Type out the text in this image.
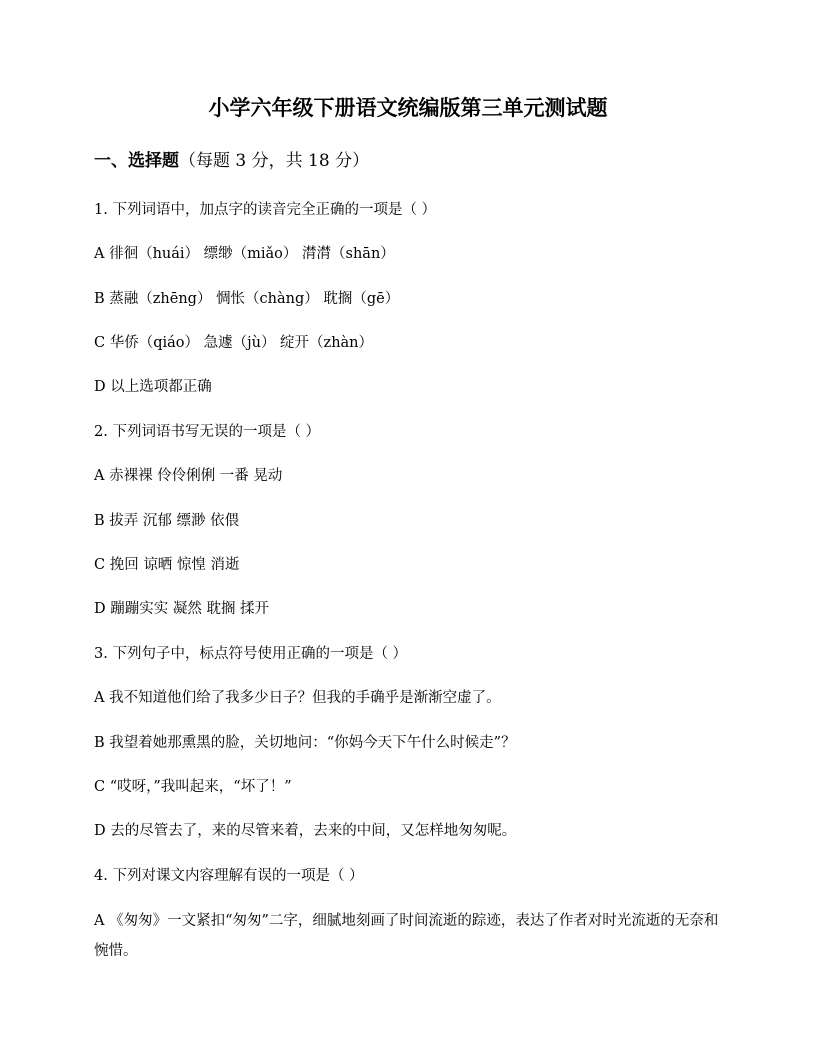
小学六年级下册语文统编版第三单元测试题
一、选择题（每题 3 分，共 18 分）
1. 下列词语中，加点字的读音完全正确的一项是（ ）
A 徘徊（huái） 缥缈（miǎo） 潸潸（shān）
B 蒸融（zhēng） 惆怅（chàng） 耽搁（gē）
C 华侨（qiáo） 急遽（jù） 绽开（zhàn）
D 以上选项都正确
2. 下列词语书写无误的一项是（ ）
A 赤裸裸 伶伶俐俐 一番 晃动
B 拔弄 沉郁 缥渺 依偎
C 挽回 谅晒 惊惶 消逝
D 蹦蹦实实 凝然 耽搁 揉开
3. 下列句子中，标点符号使用正确的一项是（ ）
A 我不知道他们给了我多少日子？但我的手确乎是渐渐空虚了。
B 我望着她那熏黑的脸，关切地问：“你妈今天下午什么时候走”？
C “哎呀，”我叫起来，“坏了！”
D 去的尽管去了，来的尽管来着，去来的中间，又怎样地匆匆呢。
4. 下列对课文内容理解有误的一项是（ ）
A 《匆匆》一文紧扣“匆匆”二字，细腻地刻画了时间流逝的踪迹，表达了作者对时光流逝的无奈和惋惜。
